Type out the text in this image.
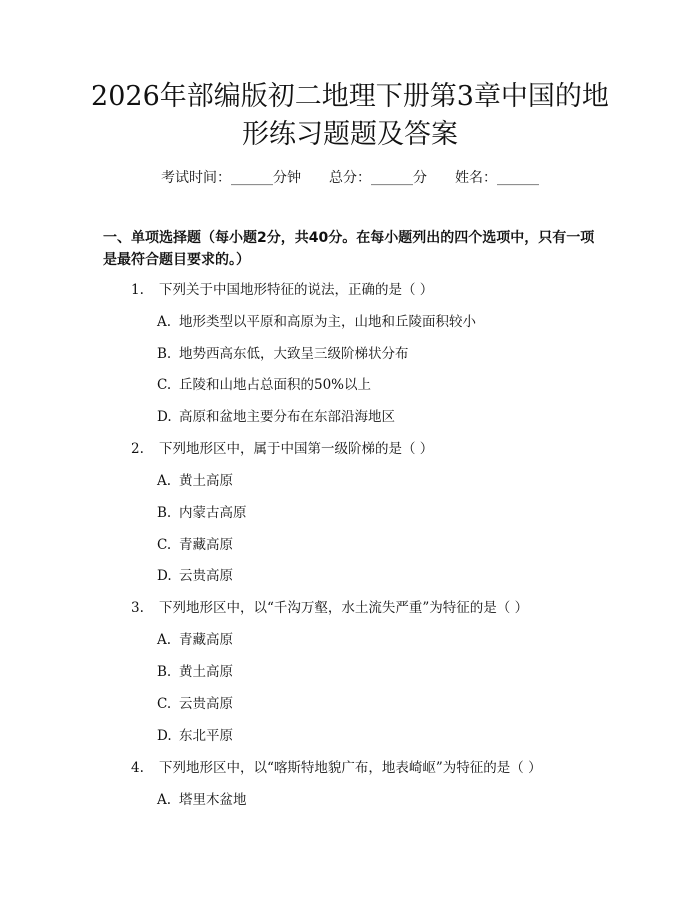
2026年部编版初二地理下册第3章中国的地
形练习题题及答案
考试时间：______分钟 总分：______分 姓名：______
一、单项选择题（每小题2分，共40分。在每小题列出的四个选项中，只有一项是最符合题目要求的。）
1. 下列关于中国地形特征的说法，正确的是（ ）
A. 地形类型以平原和高原为主，山地和丘陵面积较小
B. 地势西高东低，大致呈三级阶梯状分布
C. 丘陵和山地占总面积的50%以上
D. 高原和盆地主要分布在东部沿海地区
2. 下列地形区中，属于中国第一级阶梯的是（ ）
A. 黄土高原
B. 内蒙古高原
C. 青藏高原
D. 云贵高原
3. 下列地形区中，以“千沟万壑，水土流失严重”为特征的是（ ）
A. 青藏高原
B. 黄土高原
C. 云贵高原
D. 东北平原
4. 下列地形区中，以“喀斯特地貌广布，地表崎岖”为特征的是（ ）
A. 塔里木盆地
